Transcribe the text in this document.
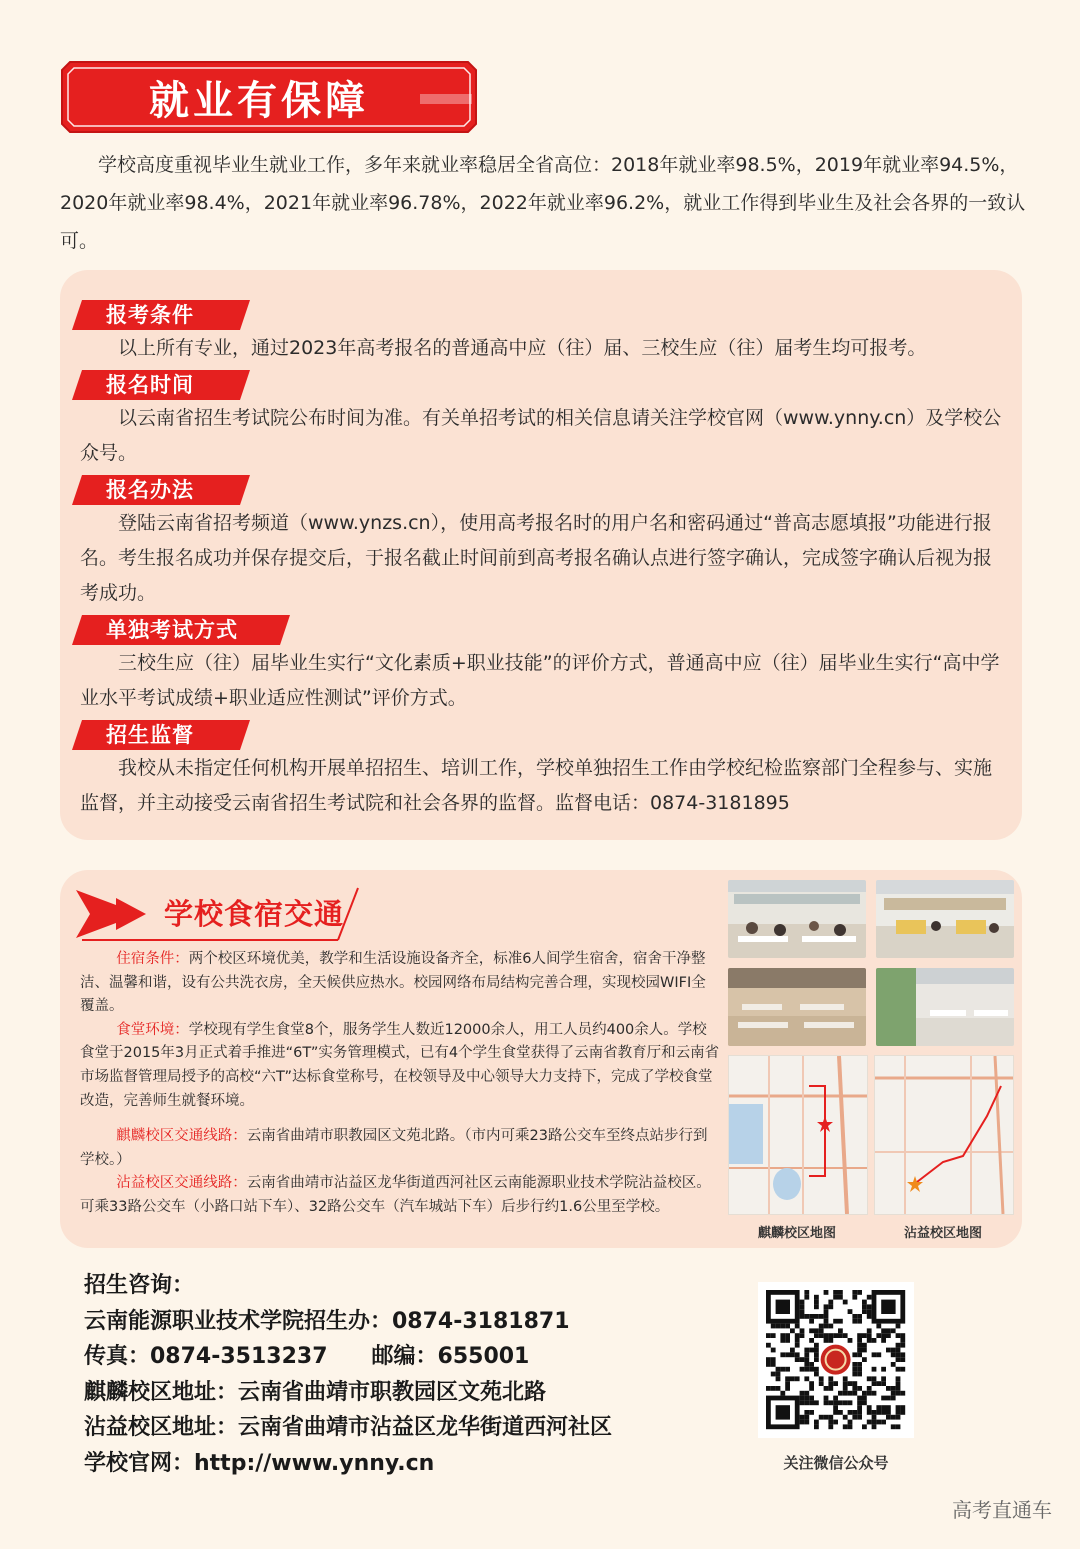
就业有保障

学校高度重视毕业生就业工作，多年来就业率稳居全省高位：2018年就业率98.5%，2019年就业率94.5%，2020年就业率98.4%，2021年就业率96.78%，2022年就业率96.2%，就业工作得到毕业生及社会各界的一致认可。

报考条件

以上所有专业，通过2023年高考报名的普通高中应（往）届、三校生应（往）届考生均可报考。

报名时间

以云南省招生考试院公布时间为准。有关单招考试的相关信息请关注学校官网（www.ynny.cn）及学校公众号。

报名办法

登陆云南省招考频道（www.ynzs.cn），使用高考报名时的用户名和密码通过“普高志愿填报”功能进行报名。考生报名成功并保存提交后，于报名截止时间前到高考报名确认点进行签字确认，完成签字确认后视为报考成功。

单独考试方式

三校生应（往）届毕业生实行“文化素质+职业技能”的评价方式，普通高中应（往）届毕业生实行“高中学业水平考试成绩+职业适应性测试”评价方式。

招生监督

我校从未指定任何机构开展单招招生、培训工作，学校单独招生工作由学校纪检监察部门全程参与、实施监督，并主动接受云南省招生考试院和社会各界的监督。监督电话：0874-3181895

学校食宿交通

住宿条件：两个校区环境优美，教学和生活设施设备齐全，标准6人间学生宿舍，宿舍干净整洁、温馨和谐，设有公共洗衣房，全天候供应热水。校园网络布局结构完善合理，实现校园WIFI全覆盖。

食堂环境：学校现有学生食堂8个，服务学生人数近12000余人，用工人员约400余人。学校食堂于2015年3月正式着手推进“6T”实务管理模式，已有4个学生食堂获得了云南省教育厅和云南省市场监督管理局授予的高校“六T”达标食堂称号，在校领导及中心领导大力支持下，完成了学校食堂改造，完善师生就餐环境。

麒麟校区交通线路：云南省曲靖市职教园区文苑北路。（市内可乘23路公交车至终点站步行到学校。）

沾益校区交通线路：云南省曲靖市沾益区龙华街道西河社区云南能源职业技术学院沾益校区。可乘33路公交车（小路口站下车）、32路公交车（汽车城站下车）后步行约1.6公里至学校。

麒麟校区地图	沾益校区地图
招生咨询：
云南能源职业技术学院招生办：0874-3181871
传真：0874-3513237 邮编：655001
麒麟校区地址：云南省曲靖市职教园区文苑北路
沾益校区地址：云南省曲靖市沾益区龙华街道西河社区
学校官网：http://www.ynny.cn	关注微信公众号
高考直通车
